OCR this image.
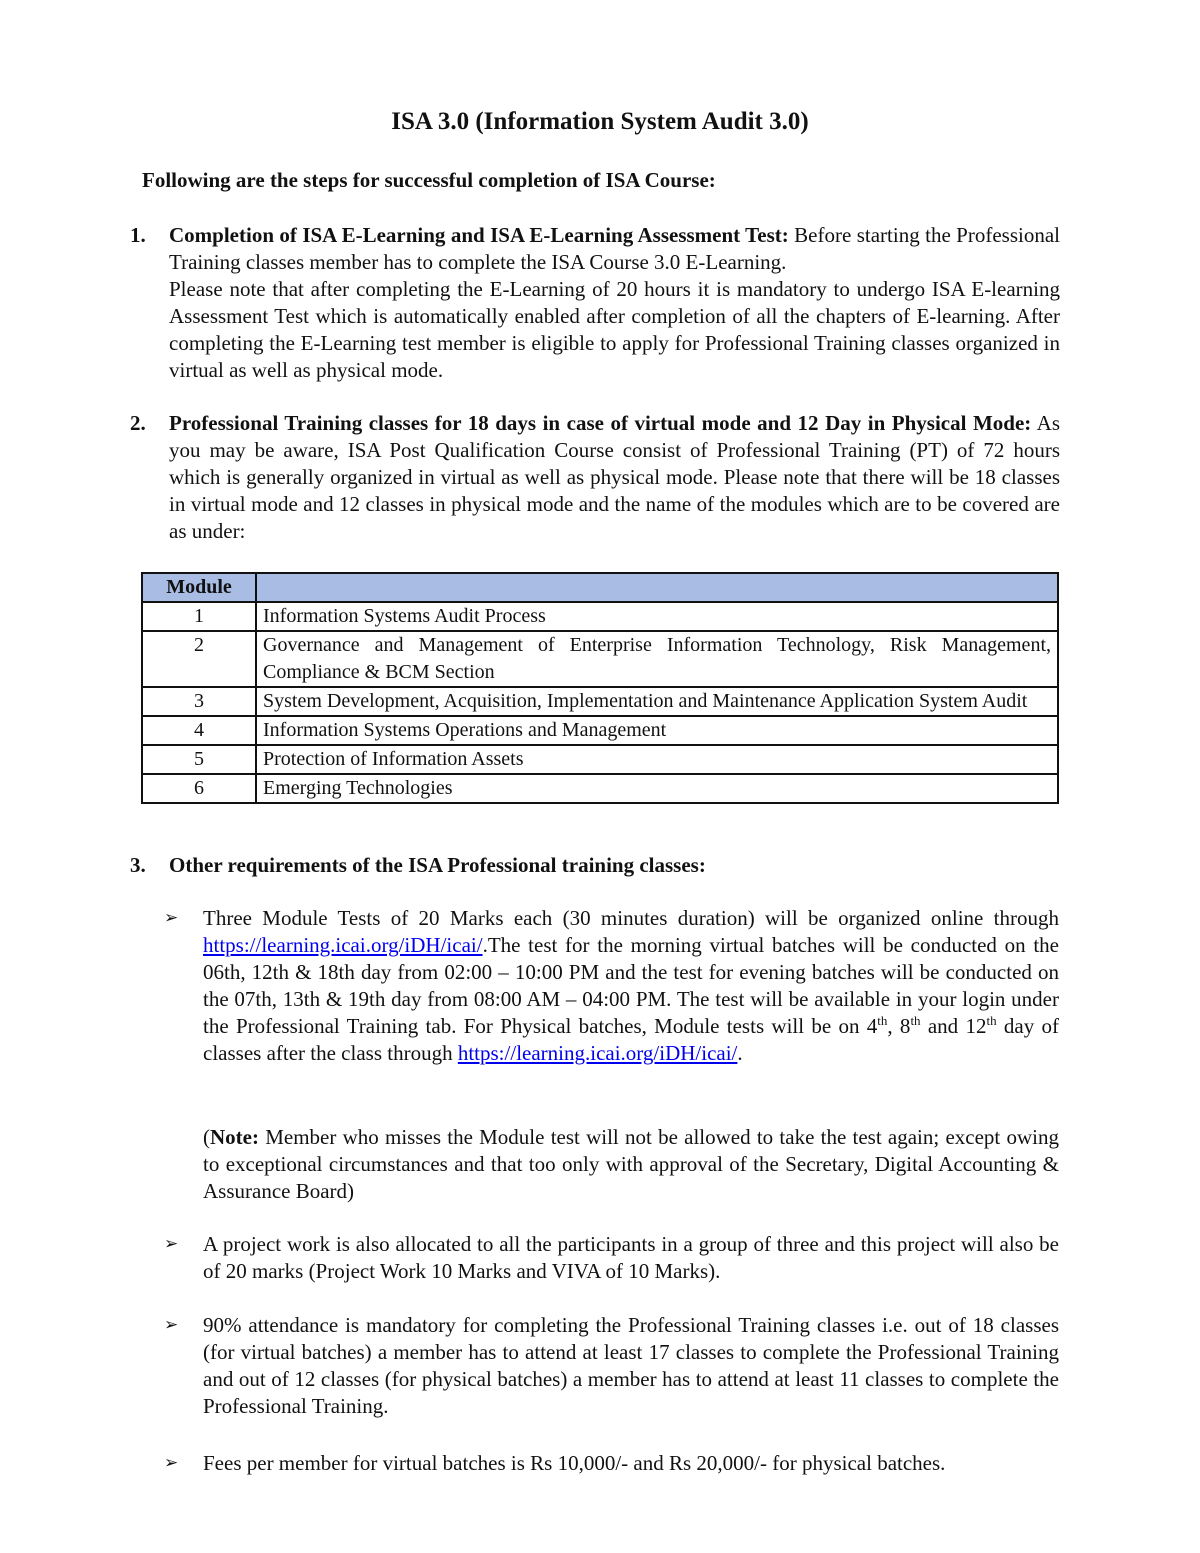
ISA 3.0 (Information System Audit 3.0)
Following are the steps for successful completion of ISA Course:
1. Completion of ISA E-Learning and ISA E-Learning Assessment Test: Before starting the Professional Training classes member has to complete the ISA Course 3.0 E-Learning.
Please note that after completing the E-Learning of 20 hours it is mandatory to undergo ISA E-learning Assessment Test which is automatically enabled after completion of all the chapters of E-learning. After completing the E-Learning test member is eligible to apply for Professional Training classes organized in virtual as well as physical mode.
2. Professional Training classes for 18 days in case of virtual mode and 12 Day in Physical Mode: As you may be aware, ISA Post Qualification Course consist of Professional Training (PT) of 72 hours which is generally organized in virtual as well as physical mode. Please note that there will be 18 classes in virtual mode and 12 classes in physical mode and the name of the modules which are to be covered are as under:
Module	
1	Information Systems Audit Process
2	Governance and Management of Enterprise Information Technology, Risk Management, Compliance & BCM Section
3	System Development, Acquisition, Implementation and Maintenance Application System Audit
4	Information Systems Operations and Management
5	Protection of Information Assets
6	Emerging Technologies
3. Other requirements of the ISA Professional training classes:
➢ Three Module Tests of 20 Marks each (30 minutes duration) will be organized online through https://learning.icai.org/iDH/icai/.The test for the morning virtual batches will be conducted on the 06th, 12th & 18th day from 02:00 – 10:00 PM and the test for evening batches will be conducted on the 07th, 13th & 19th day from 08:00 AM – 04:00 PM. The test will be available in your login under the Professional Training tab. For Physical batches, Module tests will be on 4th, 8th and 12th day of classes after the class through https://learning.icai.org/iDH/icai/.
(Note: Member who misses the Module test will not be allowed to take the test again; except owing to exceptional circumstances and that too only with approval of the Secretary, Digital Accounting & Assurance Board)
➢ A project work is also allocated to all the participants in a group of three and this project will also be of 20 marks (Project Work 10 Marks and VIVA of 10 Marks).
➢ 90% attendance is mandatory for completing the Professional Training classes i.e. out of 18 classes (for virtual batches) a member has to attend at least 17 classes to complete the Professional Training and out of 12 classes (for physical batches) a member has to attend at least 11 classes to complete the Professional Training.
➢ Fees per member for virtual batches is Rs 10,000/- and Rs 20,000/- for physical batches.
